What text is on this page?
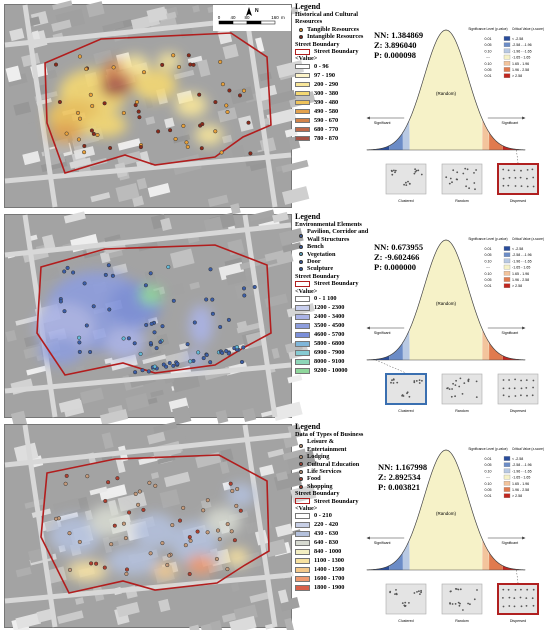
0 40 80	160 m
N	Legend
Historical and Cultural Resources
Tangible Resources
Intangible Resources
Street Boundary
Street Boundary
<Value>
0 - 96
97 - 190
200 - 290
300 - 380
390 - 480
490 - 580
590 - 670
680 - 770
780 - 870
NN: 1.384869
Z: 3.896040
P: 0.000098
(Random)
Significant	Significant
Significance Level (p-value) Critical Value (z-score)
0.01	< -2.58
0.05	-2.58 - -1.96
0.10	-1.96 - -1.65
---	-1.65 - 1.65
0.10	1.65 - 1.96
0.05	1.96 - 2.58
0.01	> 2.58
Clustered	Random	Dispersed
Legend
Environmental Elements
Pavilion, Corridor and Wall Structures
Bench
Vegetation
Door
Sculpture
Street Boundary
Street Boundary
<Value>
0 - 1 100
1200 - 2300
2400 - 3400
3500 - 4500
4600 - 5700
5800 - 6800
6900 - 7900
8000 - 9100
9200 - 10000
NN: 0.673955
Z: -9.602466
P: 0.000000
(Random)
Significant	Significant
Significance Level (p-value) Critical Value (z-score)
0.01	< -2.58
0.05	-2.58 - -1.96
0.10	-1.96 - -1.65
---	-1.65 - 1.65
0.10	1.65 - 1.96
0.05	1.96 - 2.58
0.01	> 2.58
Clustered	Random	Dispersed
Legend
Data of Types of Business
Leisure & Entertainment
Lodging
Cultural Education
Life Services
Food
Shopping
Street Boundary
Street Boundary
<Value>
0 - 210
220 - 420
430 - 630
640 - 830
840 - 1000
1100 - 1300
1400 - 1500
1600 - 1700
1800 - 1900
NN: 1.167998
Z: 2.892534
P: 0.003821
(Random)
Significant	Significant
Significance Level (p-value) Critical Value (z-score)
0.01	< -2.58
0.05	-2.58 - -1.96
0.10	-1.96 - -1.65
---	-1.65 - 1.65
0.10	1.65 - 1.96
0.05	1.96 - 2.58
0.01	> 2.58
Clustered	Random	Dispersed
